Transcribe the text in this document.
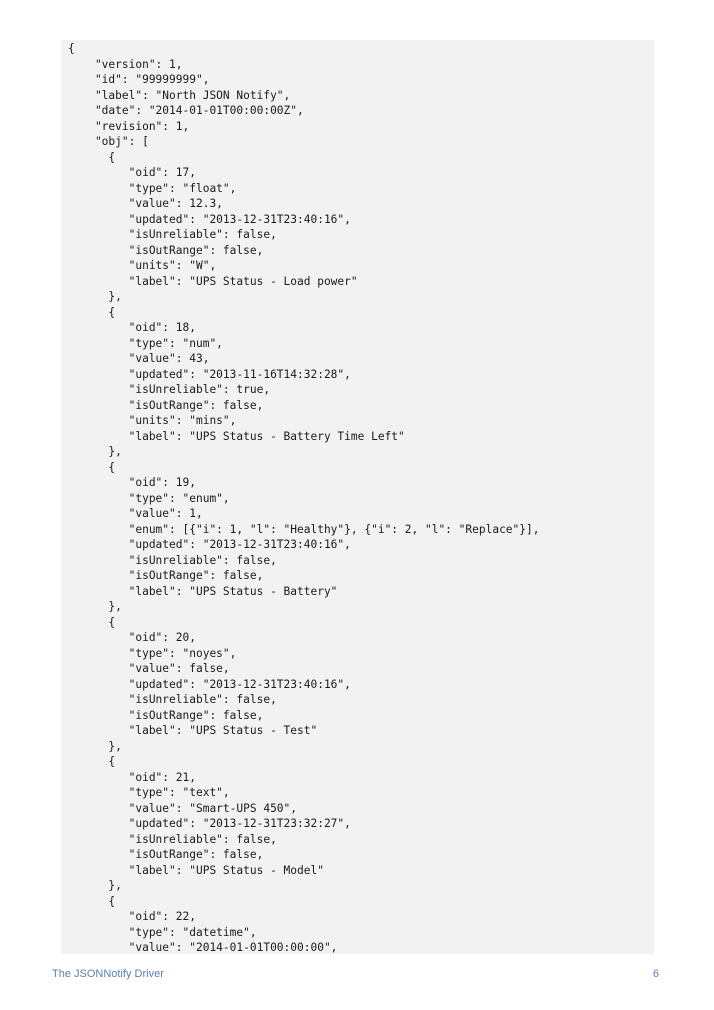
{
"version": 1,
"id": "99999999",
"label": "North JSON Notify",
"date": "2014-01-01T00:00:00Z",
"revision": 1,
"obj": [
{
"oid": 17,
"type": "float",
"value": 12.3,
"updated": "2013-12-31T23:40:16",
"isUnreliable": false,
"isOutRange": false,
"units": "W",
"label": "UPS Status - Load power"
},
{
"oid": 18,
"type": "num",
"value": 43,
"updated": "2013-11-16T14:32:28",
"isUnreliable": true,
"isOutRange": false,
"units": "mins",
"label": "UPS Status - Battery Time Left"
},
{
"oid": 19,
"type": "enum",
"value": 1,
"enum": [{"i": 1, "l": "Healthy"}, {"i": 2, "l": "Replace"}],
"updated": "2013-12-31T23:40:16",
"isUnreliable": false,
"isOutRange": false,
"label": "UPS Status - Battery"
},
{
"oid": 20,
"type": "noyes",
"value": false,
"updated": "2013-12-31T23:40:16",
"isUnreliable": false,
"isOutRange": false,
"label": "UPS Status - Test"
},
{
"oid": 21,
"type": "text",
"value": "Smart-UPS 450",
"updated": "2013-12-31T23:32:27",
"isUnreliable": false,
"isOutRange": false,
"label": "UPS Status - Model"
},
{
"oid": 22,
"type": "datetime",
"value": "2014-01-01T00:00:00",
The JSONNotify Driver	6
